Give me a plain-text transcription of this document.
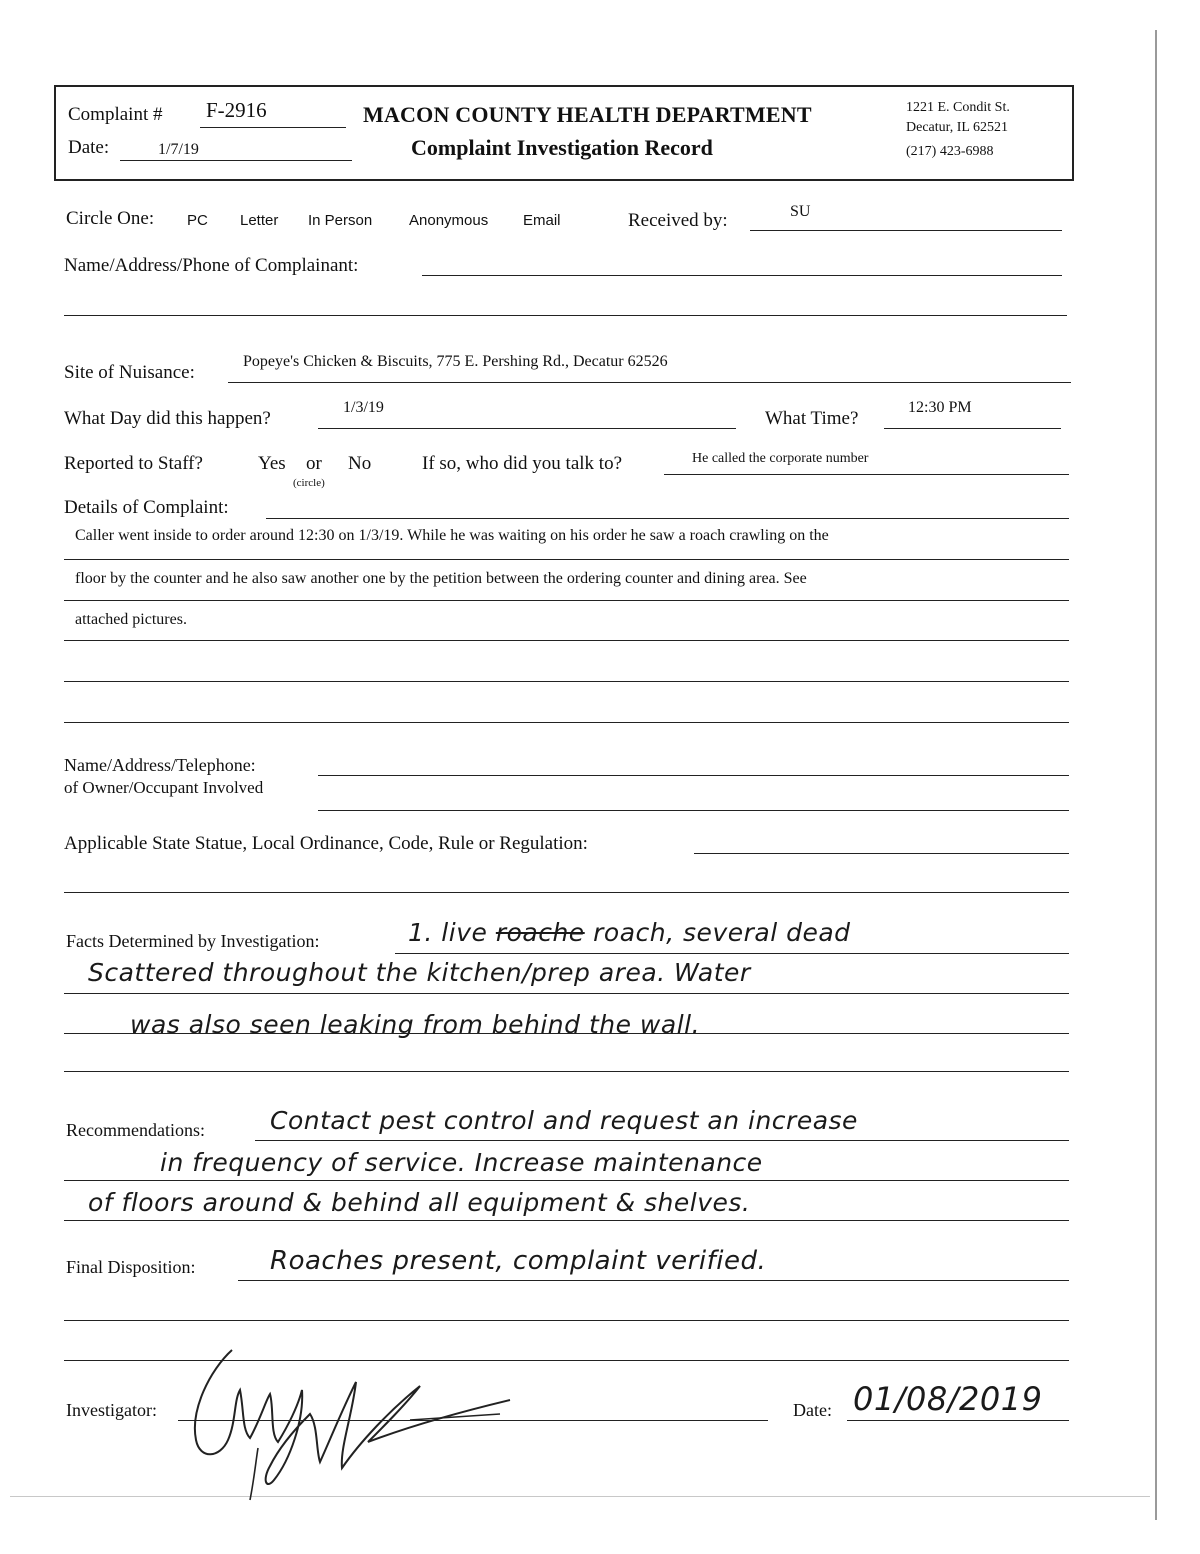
Complaint # F-2916
Date:	1/7/19
MACON COUNTY HEALTH DEPARTMENT
Complaint Investigation Record
1221 E. Condit St.
Decatur, IL 62521
(217) 423-6988
Circle One: PC Letter In Person Anonymous Email	Received by:	SU
Name/Address/Phone of Complainant:
Site of Nuisance:
Popeye's Chicken & Biscuits, 775 E. Pershing Rd., Decatur 62526
What Day did this happen?
1/3/19
What Time?
12:30 PM
Reported to Staff?	Yes or No
(circle)
If so, who did you talk to?	He called the corporate number
Details of Complaint:
Caller went inside to order around 12:30 on 1/3/19. While he was waiting on his order he saw a roach crawling on the
floor by the counter and he also saw another one by the petition between the ordering counter and dining area. See
attached pictures.
Name/Address/Telephone:
of Owner/Occupant Involved
Applicable State Statue, Local Ordinance, Code, Rule or Regulation:
Facts Determined by Investigation:	1. live roache roach, several dead
Scattered throughout the kitchen/prep area. Water
was also seen leaking from behind the wall.
Recommendations:	Contact pest control and request an increase
in frequency of service. Increase maintenance
of floors around & behind all equipment & shelves.
Final Disposition:	Roaches present, complaint verified.
Investigator:	Date: 01/08/2019
